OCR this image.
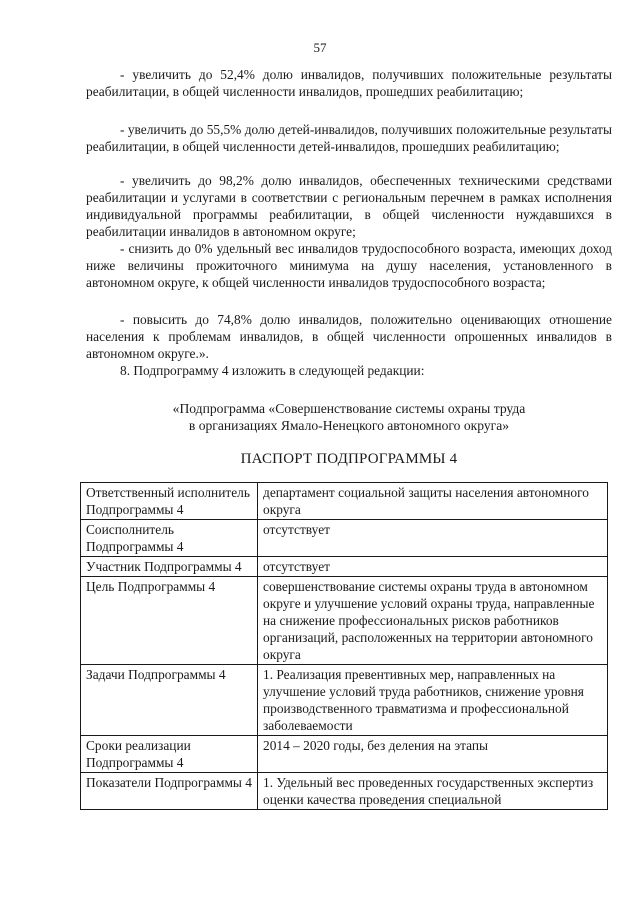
57

- увеличить до 52,4% долю инвалидов, получивших положительные результаты реабилитации, в общей численности инвалидов, прошедших реабилитацию;

- увеличить до 55,5% долю детей-инвалидов, получивших положительные результаты реабилитации, в общей численности детей-инвалидов, прошедших реабилитацию;

- увеличить до 98,2% долю инвалидов, обеспеченных техническими средствами реабилитации и услугами в соответствии с региональным перечнем в рамках исполнения индивидуальной программы реабилитации, в общей численности нуждавшихся в реабилитации инвалидов в автономном округе;

- снизить до 0% удельный вес инвалидов трудоспособного возраста, имеющих доход ниже величины прожиточного минимума на душу населения, установленного в автономном округе, к общей численности инвалидов трудоспособного возраста;

- повысить до 74,8% долю инвалидов, положительно оценивающих отношение населения к проблемам инвалидов, в общей численности опрошенных инвалидов в автономном округе.».

8. Подпрограмму 4 изложить в следующей редакции:

«Подпрограмма «Совершенствование системы охраны труда
в организациях Ямало-Ненецкого автономного округа»
ПАСПОРТ ПОДПРОГРАММЫ 4
Ответственный исполнитель Подпрограммы 4	департамент социальной защиты населения автономного округа
Соисполнитель Подпрограммы 4	отсутствует
Участник Подпрограммы 4	отсутствует
Цель Подпрограммы 4	совершенствование системы охраны труда в автономном округе и улучшение условий охраны труда, направленные на снижение профессиональных рисков работников организаций, расположенных на территории автономного округа
Задачи Подпрограммы 4	1. Реализация превентивных мер, направленных на улучшение условий труда работников, снижение уровня производственного травматизма и профессиональной заболеваемости
Сроки реализации Подпрограммы 4	2014 – 2020 годы, без деления на этапы
Показатели Подпрограммы 4	1. Удельный вес проведенных государственных экспертиз оценки качества проведения специальной
